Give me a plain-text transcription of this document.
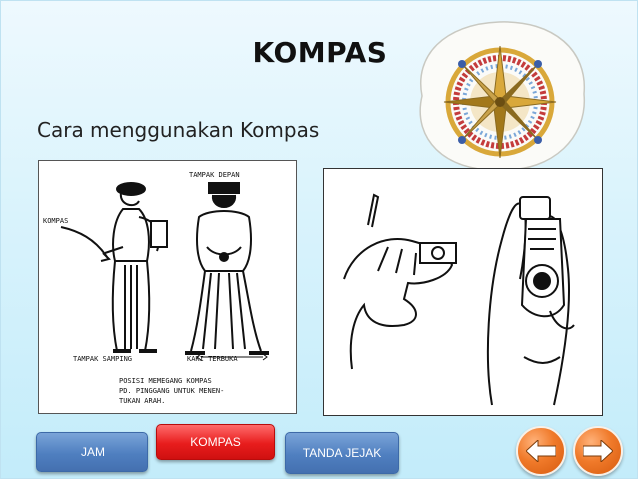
KOMPAS
Cara menggunakan Kompas
TAMPAK DEPAN
KOMPAS
TAMPAK SAMPING	KAKI TERBUKA
POSISI MEMEGANG KOMPAS
PD. PINGGANG UNTUK MENEN-
TUKAN ARAH.
JAM
KOMPAS
TANDA JEJAK
